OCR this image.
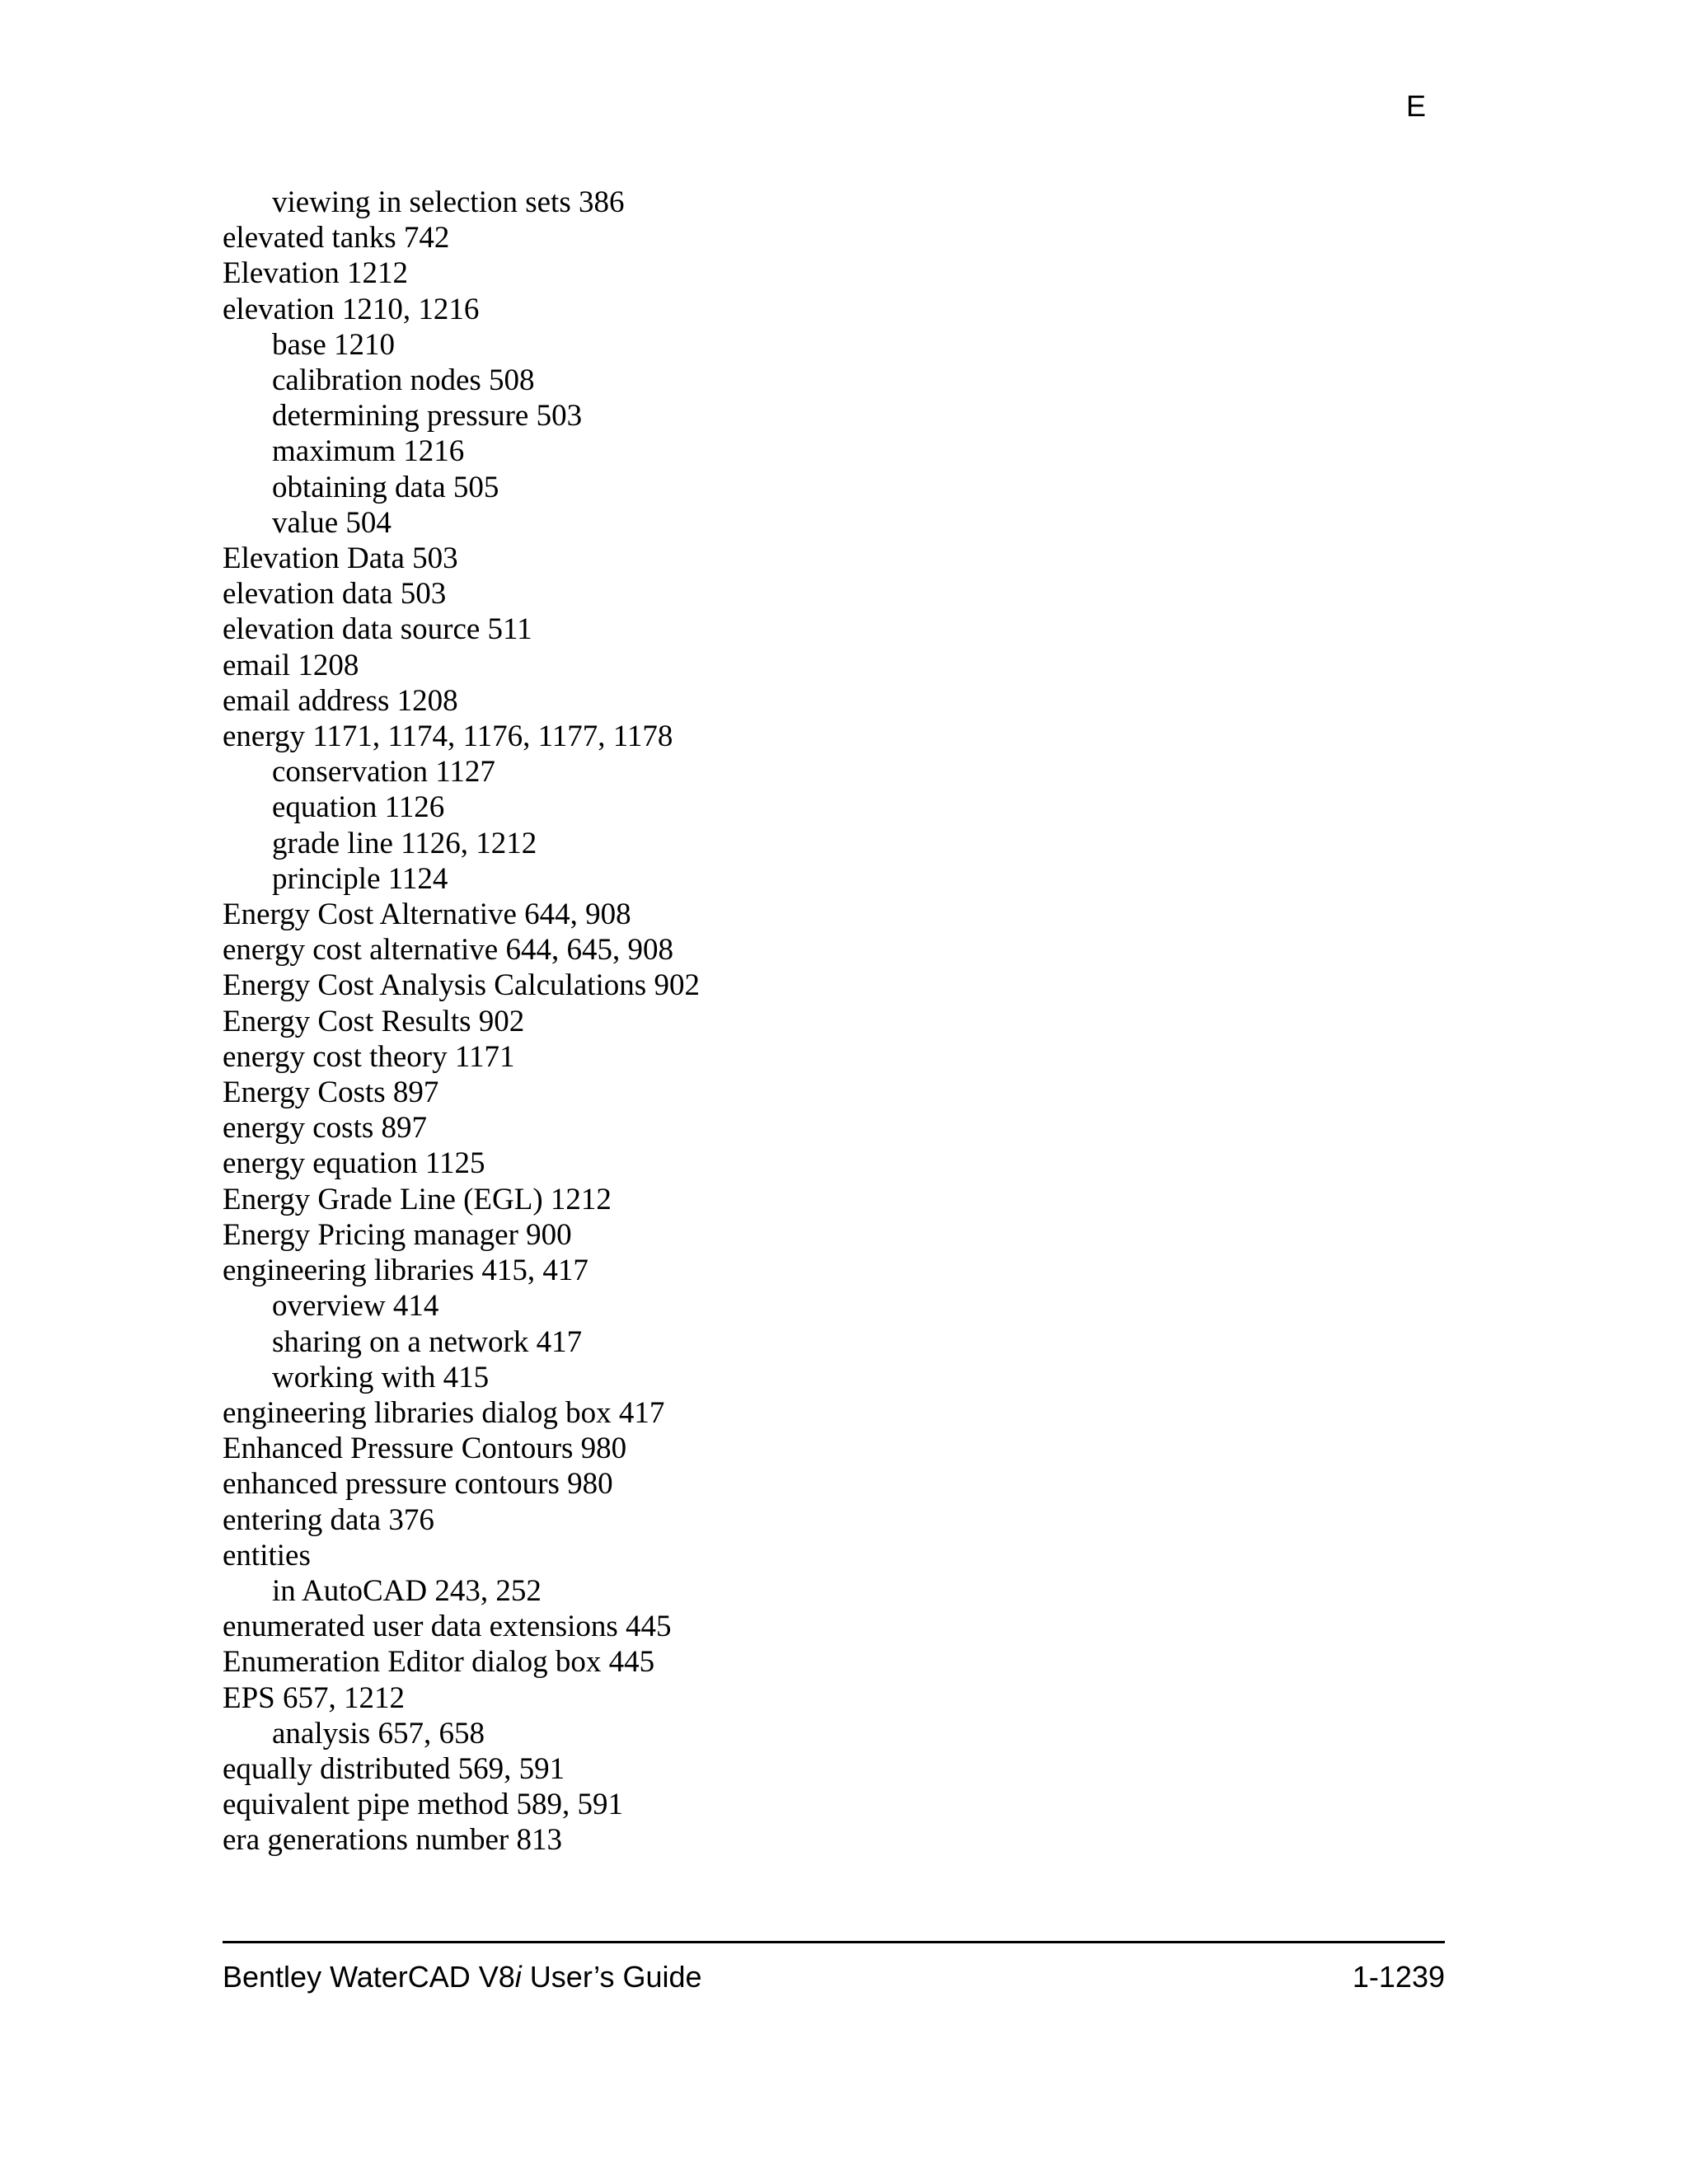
E
viewing in selection sets 386
elevated tanks 742
Elevation 1212
elevation 1210, 1216
base 1210
calibration nodes 508
determining pressure 503
maximum 1216
obtaining data 505
value 504
Elevation Data 503
elevation data 503
elevation data source 511
email 1208
email address 1208
energy 1171, 1174, 1176, 1177, 1178
conservation 1127
equation 1126
grade line 1126, 1212
principle 1124
Energy Cost Alternative 644, 908
energy cost alternative 644, 645, 908
Energy Cost Analysis Calculations 902
Energy Cost Results 902
energy cost theory 1171
Energy Costs 897
energy costs 897
energy equation 1125
Energy Grade Line (EGL) 1212
Energy Pricing manager 900
engineering libraries 415, 417
overview 414
sharing on a network 417
working with 415
engineering libraries dialog box 417
Enhanced Pressure Contours 980
enhanced pressure contours 980
entering data 376
entities
in AutoCAD 243, 252
enumerated user data extensions 445
Enumeration Editor dialog box 445
EPS 657, 1212
analysis 657, 658
equally distributed 569, 591
equivalent pipe method 589, 591
era generations number 813
Bentley WaterCAD V8i User’s Guide	1-1239
